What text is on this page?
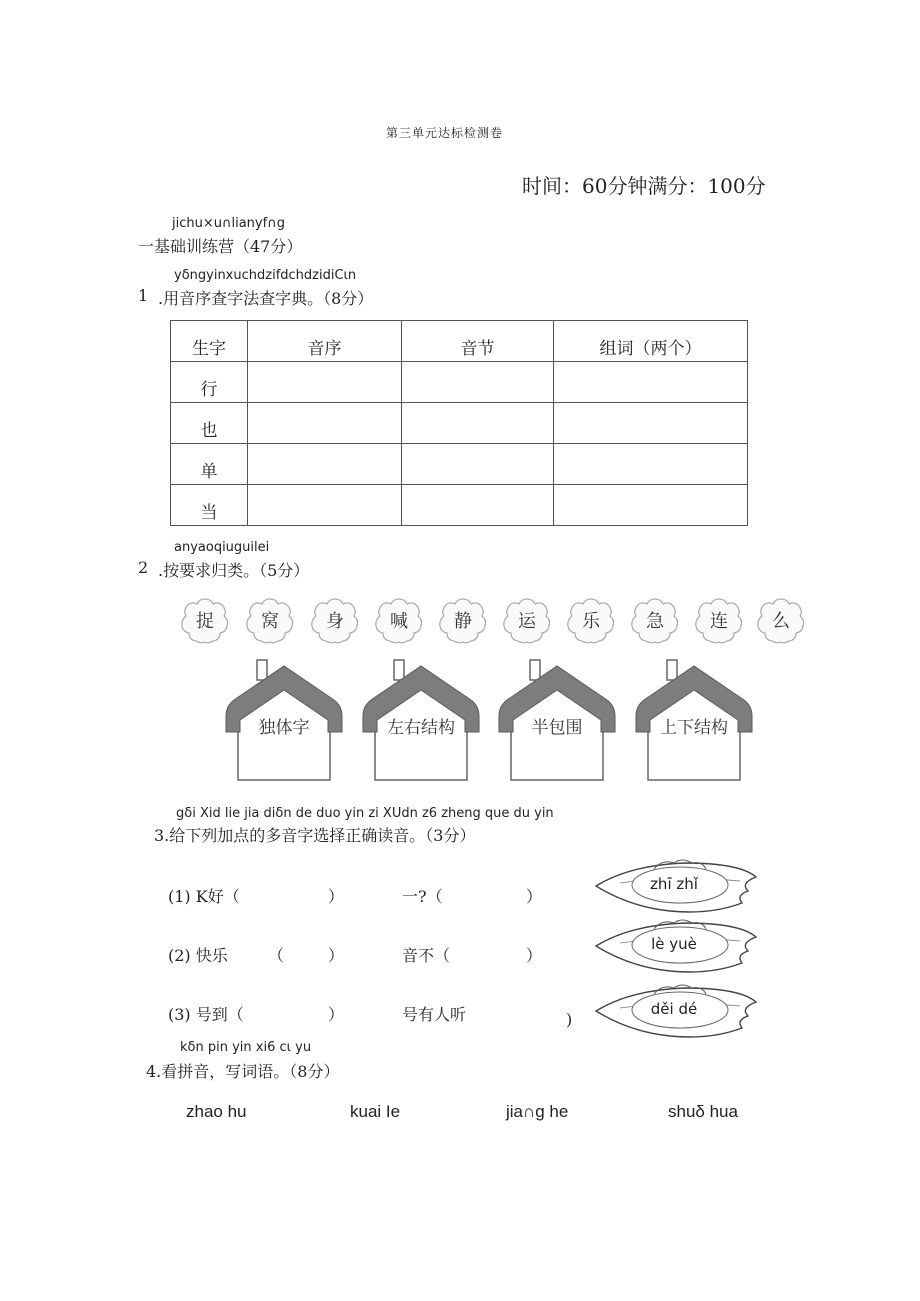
第三单元达标检测卷
时间：60分钟满分：100分
jichu×u∩lianyf∩g
一基础训练营（47分）
yδngyinxuchdzifdchdzidiCιn
1 .用音序查字法查字典。（8分）
生字	音序	音节	组词（两个）
行			
也			
单			
当			
anyaoqiuguilei
2 .按要求归类。（5分）
捉	窝	身	喊	静	运	乐	急	连	么
独体字	左右结构	半包围	上下结构
gδi Xid lie jia diδn de duo yin zi XUdn z6 zheng que du yin
3.给下列加点的多音字选择正确读音。（3分）
(1) K好（	）	一?（	）
(2) 快乐	（	）	音不（	）
(3) 号到（	）	号有人听	)
zhī zhǐ
lè yuè
děi dé
kδn pin yin xi6 cι yu
4.看拼音，写词语。（8分）
zhao hu	kuai Ie	jia∩g he	shuδ hua
